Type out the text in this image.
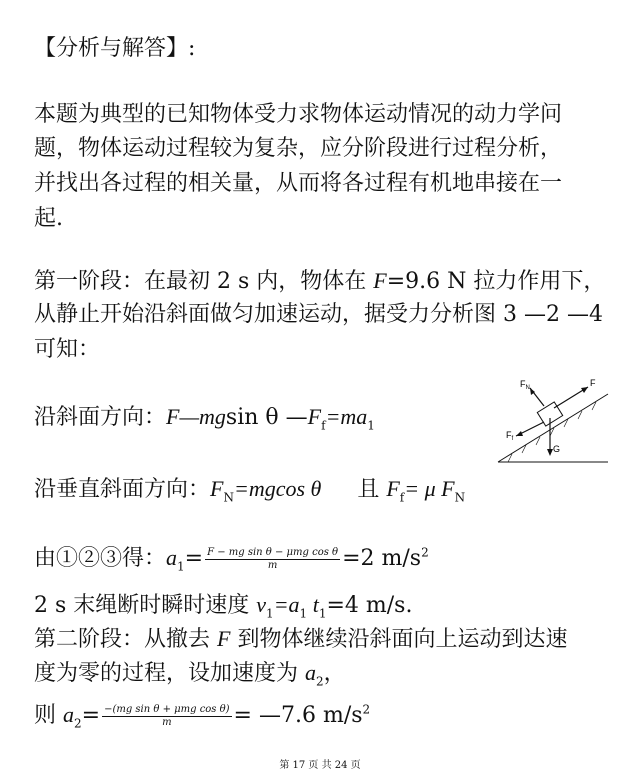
【分析与解答】:
本题为典型的已知物体受力求物体运动情况的动力学问
题，物体运动过程较为复杂，应分阶段进行过程分析，
并找出各过程的相关量，从而将各过程有机地串接在一
起.
第一阶段：在最初 2 s 内，物体在 F=9.6 N 拉力作用下，
从静止开始沿斜面做匀加速运动，据受力分析图 3 —2 —4
可知：
沿斜面方向：F—mgsin θ $—F_f=ma_1$
沿垂直斜面方向：$F_N=mgcos$ θ 且 $F_f= \mu$ $F_N$
由①②③得：$a_1= \frac{\text{F − mg sin θ − μmg cos θ}}{m} =2$ $m/s^2$
2 s 末绳断时瞬时速度 $v_1=a_1$ $t_1=4$ m/s.
第二阶段：从撤去 F 到物体继续沿斜面向上运动到达速
度为零的过程，设加速度为 $a_2$，
则 $a_2= \frac{\text{−(mg sin θ + μmg cos θ)}}{m}$ = —7.6 $m/s^2$
$F_N$	F
$F_f$
G
第 17 页 共 24 页
